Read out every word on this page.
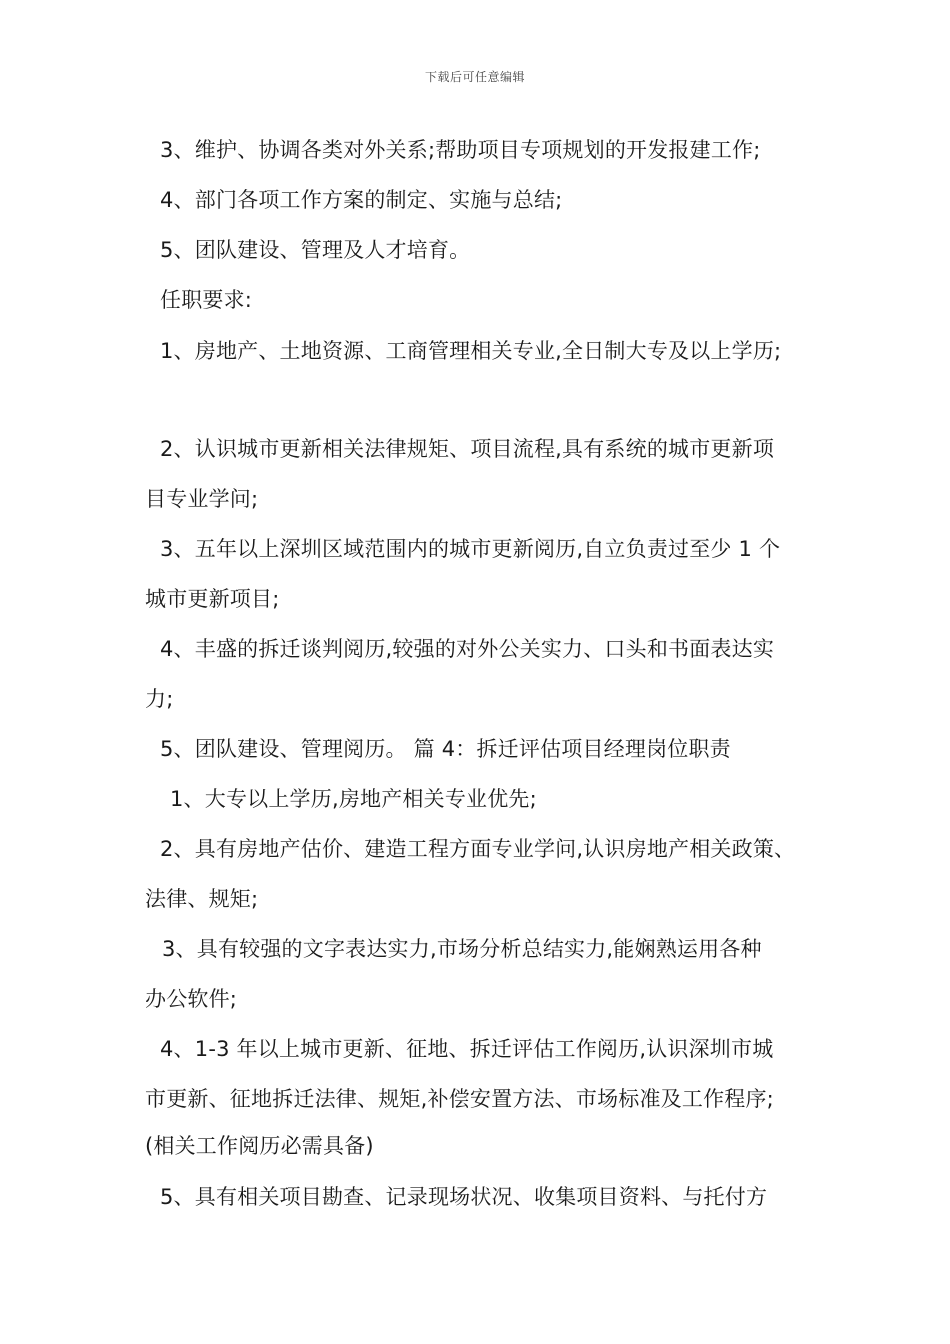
下载后可任意编辑
3、维护、协调各类对外关系;帮助项目专项规划的开发报建工作;
4、部门各项工作方案的制定、实施与总结;
5、团队建设、管理及人才培育。
任职要求:
1、房地产、土地资源、工商管理相关专业,全日制大专及以上学历;
2、认识城市更新相关法律规矩、项目流程,具有系统的城市更新项
目专业学问;
3、五年以上深圳区域范围内的城市更新阅历,自立负责过至少 1 个
城市更新项目;
4、丰盛的拆迁谈判阅历,较强的对外公关实力、口头和书面表达实
力;
5、团队建设、管理阅历。 篇 4：拆迁评估项目经理岗位职责
1、大专以上学历,房地产相关专业优先;
2、具有房地产估价、建造工程方面专业学问,认识房地产相关政策、
法律、规矩;
3、具有较强的文字表达实力,市场分析总结实力,能娴熟运用各种
办公软件;
4、1-3 年以上城市更新、征地、拆迁评估工作阅历,认识深圳市城
市更新、征地拆迁法律、规矩,补偿安置方法、市场标准及工作程序;
(相关工作阅历必需具备)
5、具有相关项目勘查、记录现场状况、收集项目资料、与托付方
